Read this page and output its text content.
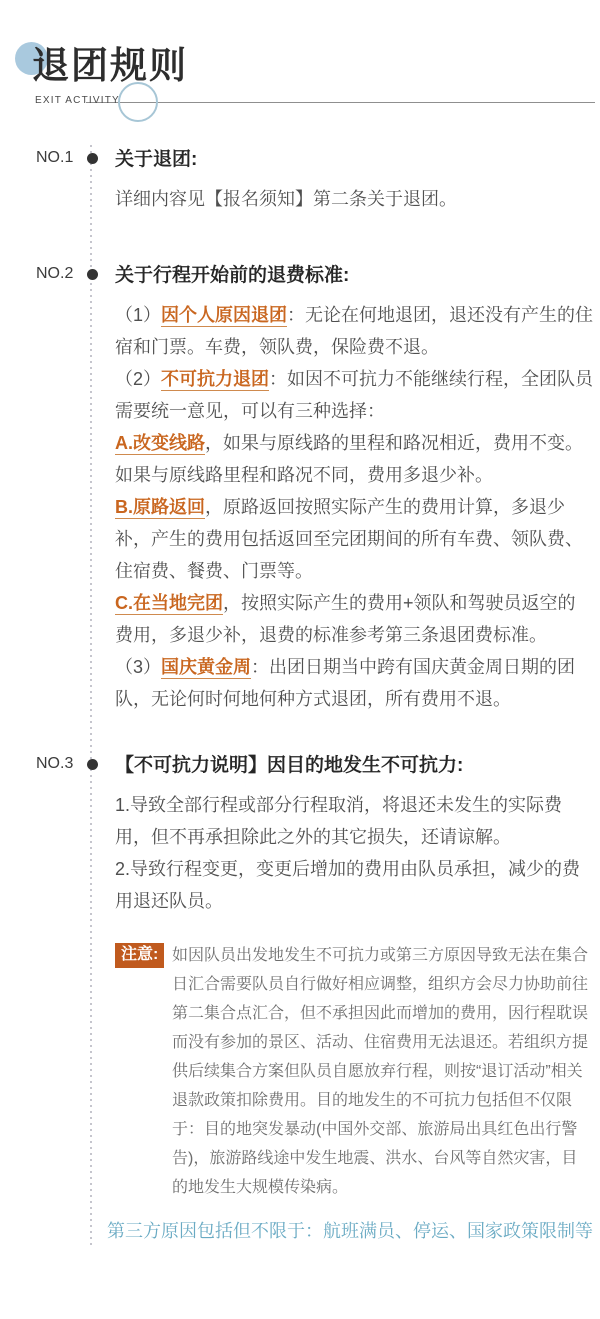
退团规则
EXIT ACTIVITY
NO.1	关于退团:

详细内容见【报名须知】第二条关于退团。

NO.2	关于行程开始前的退费标准:

（1）因个人原因退团：无论在何地退团，退还没有产生的住宿和门票。车费，领队费，保险费不退。

（2）不可抗力退团：如因不可抗力不能继续行程，全团队员需要统一意见，可以有三种选择：

A.改变线路，如果与原线路的里程和路况相近，费用不变。如果与原线路里程和路况不同，费用多退少补。

B.原路返回，原路返回按照实际产生的费用计算，多退少补，产生的费用包括返回至完团期间的所有车费、领队费、住宿费、餐费、门票等。

C.在当地完团，按照实际产生的费用+领队和驾驶员返空的费用，多退少补，退费的标准参考第三条退团费标准。

（3）国庆黄金周：出团日期当中跨有国庆黄金周日期的团队，无论何时何地何种方式退团，所有费用不退。

NO.3	【不可抗力说明】因目的地发生不可抗力:

1.导致全部行程或部分行程取消，将退还未发生的实际费用，但不再承担除此之外的其它损失，还请谅解。

2.导致行程变更，变更后增加的费用由队员承担，减少的费用退还队员。

注意: 如因队员出发地发生不可抗力或第三方原因导致无法在集合日汇合需要队员自行做好相应调整，组织方会尽力协助前往第二集合点汇合，但不承担因此而增加的费用，因行程耽误而没有参加的景区、活动、住宿费用无法退还。若组织方提供后续集合方案但队员自愿放弃行程，则按“退订活动”相关退款政策扣除费用。目的地发生的不可抗力包括但不仅限于：目的地突发暴动(中国外交部、旅游局出具红色出行警告)，旅游路线途中发生地震、洪水、台风等自然灾害，目的地发生大规模传染病。

第三方原因包括但不限于：航班满员、停运、国家政策限制等
